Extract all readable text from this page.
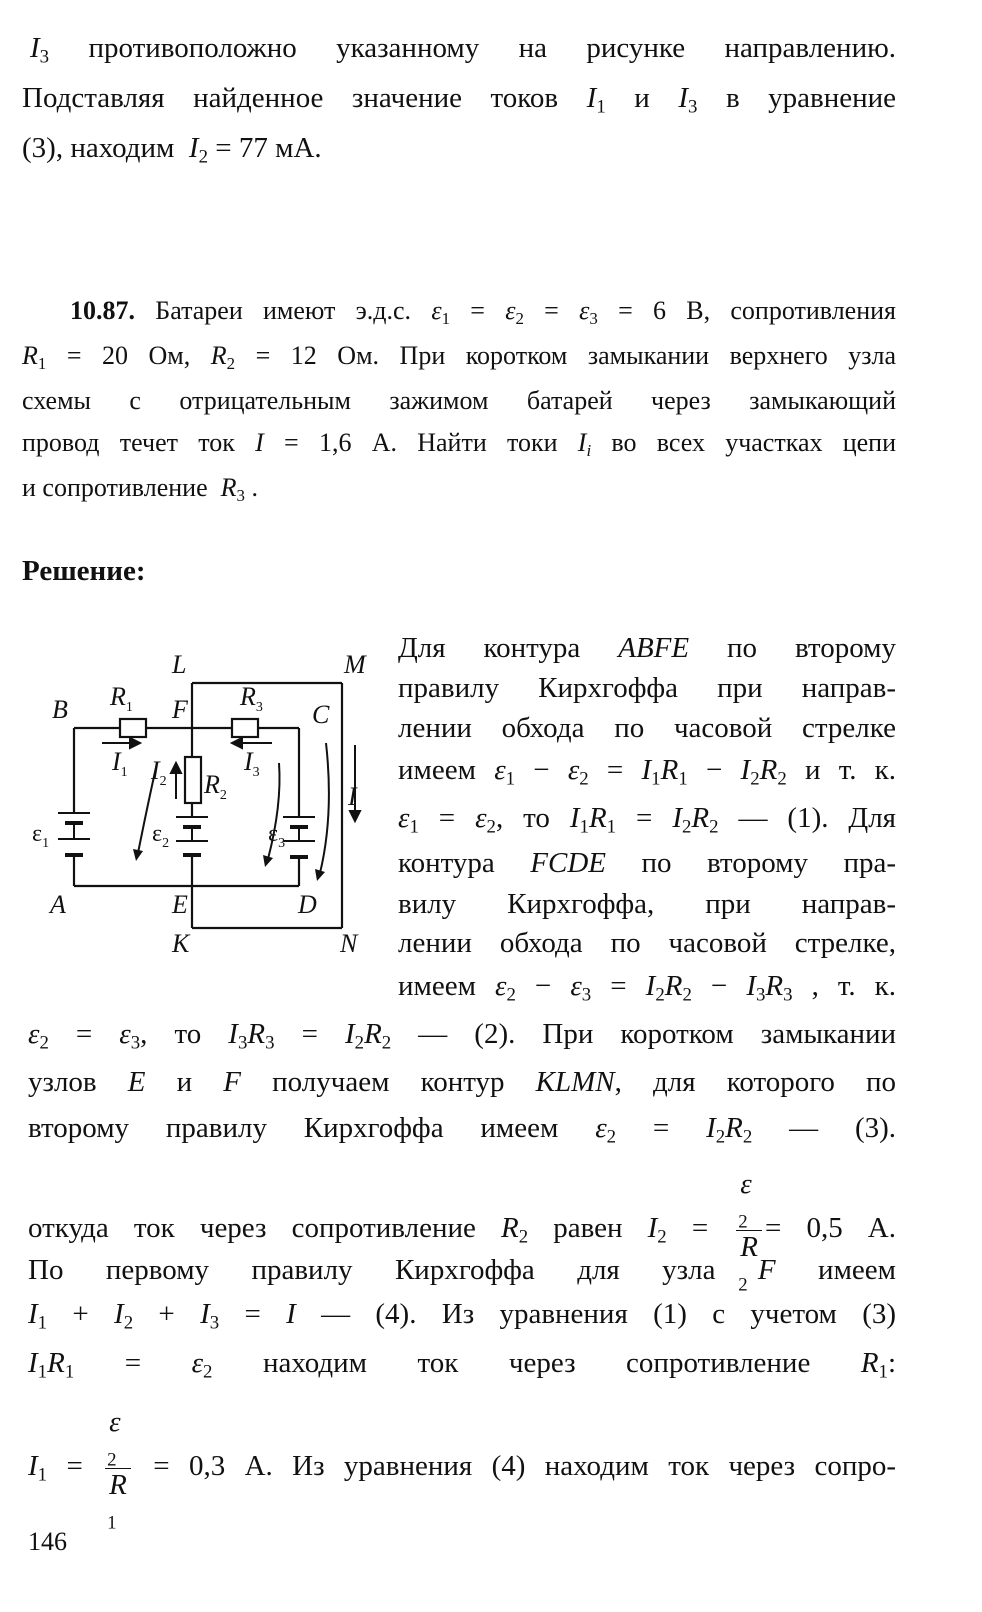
$I_3$ противоположно указанному на рисунке направлению.
Подставляя найденное значение токов $I_1$ и $I_3$ в уравнение
(3), находим  $I_2 = 77$ мА.
10.87. Батареи имеют э.д.с. $\varepsilon_1 = \varepsilon_2 = \varepsilon_3 = 6$ В, сопротивления
$R_1 = 20$ Ом, $R_2 = 12$ Ом. При коротком замыкании верхнего узла
схемы с отрицательным зажимом батарей через замыкающий
провод течет ток I = 1,6 А. Найти токи $I_i$ во всех участках цепи
и сопротивление  $R_3$ .
Решение:
L	M
B	F	C
A	E	D
K	N
$R_1$	$R_3$
$R_2$
$I_1$ $I_2$
$I_3$
I
$\varepsilon_1$	$\varepsilon_2$	$\varepsilon_3$
Для контура ABFE по второму
правилу Кирхгоффа при направ-
лении обхода по часовой стрелке
имеем $\varepsilon_1 - \varepsilon_2 = I_1R_1 - I_2R_2$ и т. к.
$\varepsilon_1 = \varepsilon_2$, то $I_1R_1 = I_2R_2$ — (1). Для
контура FCDE по второму пра-
вилу Кирхгоффа, при направ-
лении обхода по часовой стрелке,
имеем $\varepsilon_2 - \varepsilon_3 = I_2R_2 - I_3R_3$ , т. к.
$\varepsilon_2 = \varepsilon_3$, то $I_3R_3 = I_2R_2$ — (2). При коротком замыкании
узлов E и F получаем контур KLMN, для которого по
второму правилу Кирхгоффа имеем $\varepsilon_2 = I_2R_2$ — (3).
откуда ток через сопротивление $R_2$ равен $I_2 = \varepsilon$
$_2$
R
$_2$ = 0,5 А.
По первому правилу Кирхгоффа для узла F имеем
$I_1 + I_2 + I_3 = I$ — (4). Из уравнения (1) с учетом (3)
$I_1R_1 = \varepsilon_2$ находим ток через сопротивление $R_1$:
$I_1 = \varepsilon$
$_2$
R
$_1$ = 0,3 А. Из уравнения (4) находим ток через сопро-
146
